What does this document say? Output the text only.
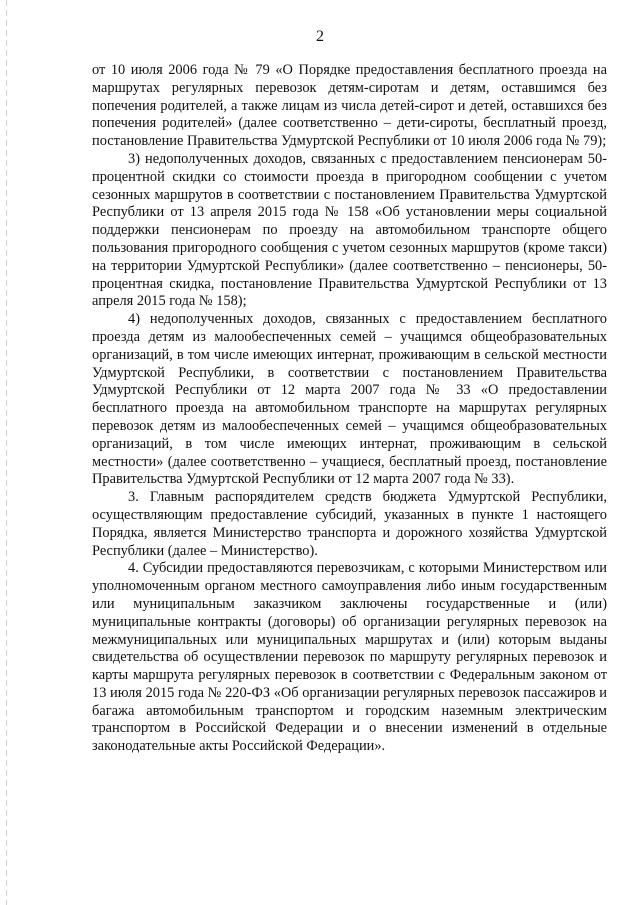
2

от 10 июля 2006 года № 79 «О Порядке предоставления бесплатного проезда на маршрутах регулярных перевозок детям-сиротам и детям, оставшимся без попечения родителей, а также лицам из числа детей-сирот и детей, оставшихся без попечения родителей» (далее соответственно – дети-сироты, бесплатный проезд, постановление Правительства Удмуртской Республики от 10 июля 2006 года № 79);

3) недополученных доходов, связанных с предоставлением пенсионерам 50-процентной скидки со стоимости проезда в пригородном сообщении с учетом сезонных маршрутов в соответствии с постановлением Правительства Удмуртской Республики от 13 апреля 2015 года № 158 «Об установлении меры социальной поддержки пенсионерам по проезду на автомобильном транспорте общего пользования пригородного сообщения с учетом сезонных маршрутов (кроме такси) на территории Удмуртской Республики» (далее соответственно – пенсионеры, 50-процентная скидка, постановление Правительства Удмуртской Республики от 13 апреля 2015 года № 158);

4) недополученных доходов, связанных с предоставлением бесплатного проезда детям из малообеспеченных семей – учащимся общеобразовательных организаций, в том числе имеющих интернат, проживающим в сельской местности Удмуртской Республики, в соответствии с постановлением Правительства Удмуртской Республики от 12 марта 2007 года № 33 «О предоставлении бесплатного проезда на автомобильном транспорте на маршрутах регулярных перевозок детям из малообеспеченных семей – учащимся общеобразовательных организаций, в том числе имеющих интернат, проживающим в сельской местности» (далее соответственно – учащиеся, бесплатный проезд, постановление Правительства Удмуртской Республики от 12 марта 2007 года № 33).

3. Главным распорядителем средств бюджета Удмуртской Республики, осуществляющим предоставление субсидий, указанных в пункте 1 настоящего Порядка, является Министерство транспорта и дорожного хозяйства Удмуртской Республики (далее – Министерство).

4. Субсидии предоставляются перевозчикам, с которыми Министерством или уполномоченным органом местного самоуправления либо иным государственным или муниципальным заказчиком заключены государственные и (или) муниципальные контракты (договоры) об организации регулярных перевозок на межмуниципальных или муниципальных маршрутах и (или) которым выданы свидетельства об осуществлении перевозок по маршруту регулярных перевозок и карты маршрута регулярных перевозок в соответствии с Федеральным законом от 13 июля 2015 года № 220-ФЗ «Об организации регулярных перевозок пассажиров и багажа автомобильным транспортом и городским наземным электрическим транспортом в Российской Федерации и о внесении изменений в отдельные законодательные акты Российской Федерации».
